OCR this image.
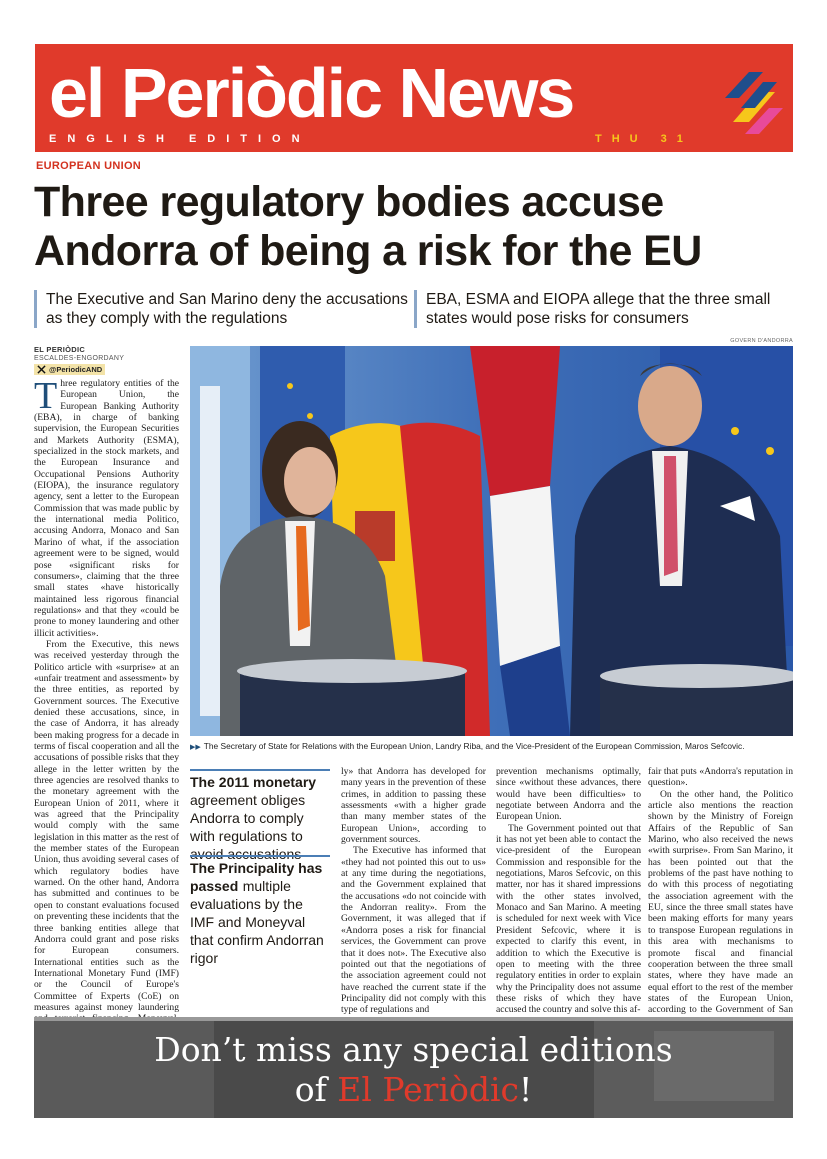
el Periòdic News
ENGLISH EDITION	THU 31
EUROPEAN UNION
Three regulatory bodies accuse Andorra of being a risk for the EU
The Executive and San Marino deny the accusations as they comply with the regulations
EBA, ESMA and EIOPA allege that the three small states would pose risks for consumers
EL PERIÒDIC
ESCALDES-ENGORDANY
@PeriodicAND

Three regulatory entities of the European Union, the European Banking Authority (EBA), in charge of banking supervision, the European Securities and Markets Authority (ESMA), specialized in the stock markets, and the European Insurance and Occupational Pensions Authority (EIOPA), the insurance regulatory agency, sent a letter to the European Commission that was made public by the international media Politico, accusing Andorra, Monaco and San Marino of what, if the association agreement were to be signed, would pose «significant risks for consumers», claiming that the three small states «have historically maintained less rigorous financial regulations» and that they «could be prone to money laundering and other illicit activities».

From the Executive, this news was received yesterday through the Politico article with «surprise» at an «unfair treatment and assessment» by the three entities, as reported by Government sources. The Executive denied these accusations, since, in the case of Andorra, it has already been making progress for a decade in terms of fiscal cooperation and all the accusations of possible risks that they allege in the letter written by the three agencies are resolved thanks to the monetary agreement with the European Union of 2011, where it was agreed that the Principality would comply with the same legislation in this matter as the rest of the member states of the European Union, thus avoiding several cases of which regulatory bodies have warned. On the other hand, Andorra has submitted and continues to be open to constant evaluations focused on preventing these incidents that the three banking entities allege that Andorra could grant and pose risks for European consumers. International entities such as the International Monetary Fund (IMF) or the Council of Europe's Committee of Experts (CoE) on measures against money laundering

GOVERN D'ANDORRA
▶▶ The Secretary of State for Relations with the European Union, Landry Riba, and the Vice-President of the European Commission, Maros Sefcovic.
The 2011 monetary agreement obliges Andorra to comply with regulations to avoid accusations
The Principality has passed multiple evaluations by the IMF and Moneyval that confirm Andorran rigor

ly» that Andorra has developed for many years in the prevention of these crimes, in addition to passing these assessments «with a higher grade than many member states of the European Union», according to government sources.

The Executive has informed that «they had not pointed this out to us» at any time during the negotiations, and the Government explained that the accusations «do not coincide with the Andorran reality». From the Government, it was alleged that if «Andorra poses a risk for financial services, the Government can prove that it does not». The Executive also pointed out that the negotiations of the association agreement could not have reached the current state if the Principality did not comply with this type of regulations and

prevention mechanisms optimally, since «without these advances, there would have been difficulties» to negotiate between Andorra and the European Union.

The Government pointed out that it has not yet been able to contact the vice-president of the European Commission and responsible for the negotiations, Maros Sefcovic, on this matter, nor has it shared impressions with the other states involved, Monaco and San Marino. A meeting is scheduled for next week with Vice President Sefcovic, where it is expected to clarify this event, in addition to which the Executive is open to meeting with the three regulatory entities in order to explain why the Principality does not assume these risks of which they have accused the country and solve this af-

fair that puts «Andorra's reputation in question».

On the other hand, the Politico article also mentions the reaction shown by the Ministry of Foreign Affairs of the Republic of San Marino, who also received the news «with surprise». From San Marino, it has been pointed out that the problems of the past have nothing to do with this process of negotiating the association agreement with the EU, since the three small states have been making efforts for many years to transpose European regulations in this area with mechanisms to promote fiscal and financial cooperation between the three small states, where they have made an equal effort to the rest of the member states of the European Union, according to the Government of San

Don’t miss any special editions
of El Periòdic!
